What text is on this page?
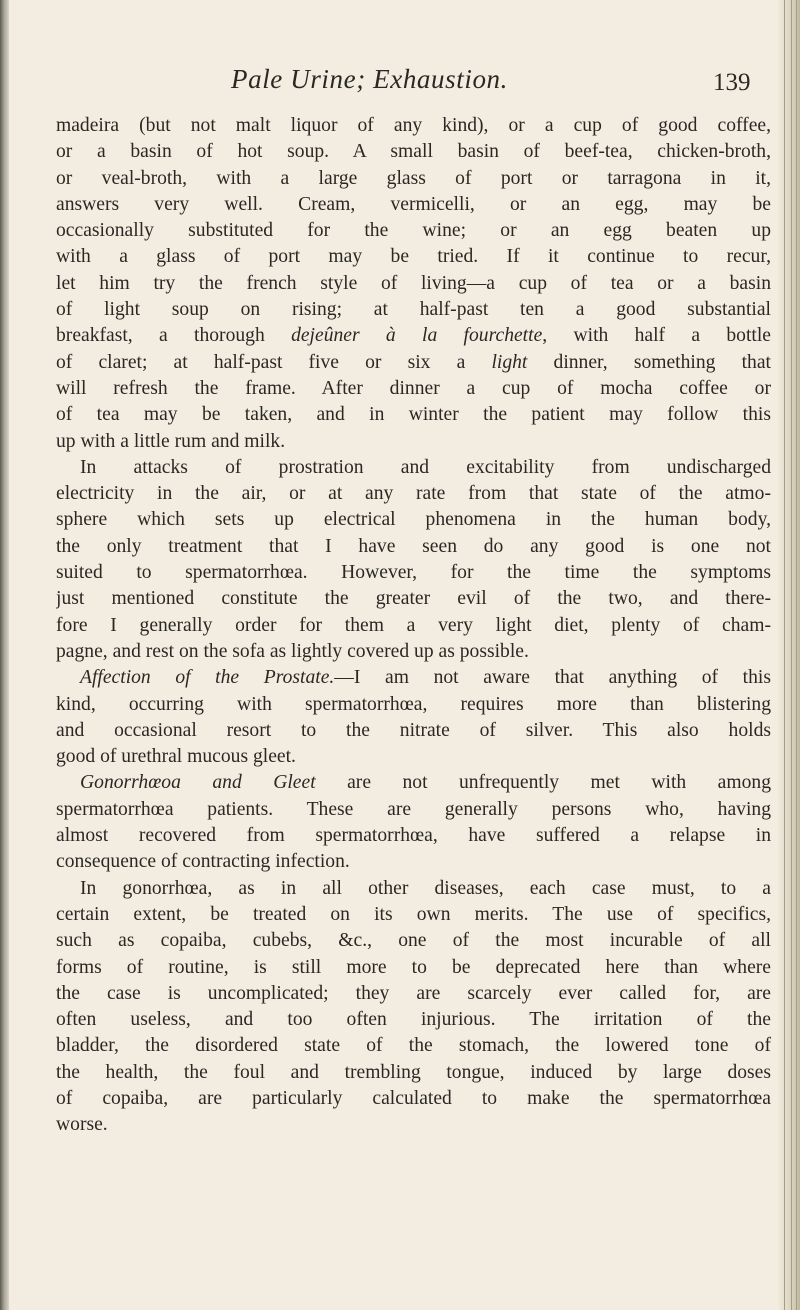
Pale Urine; Exhaustion.	139
madeira (but not malt liquor of any kind), or a cup of good coffee,
or a basin of hot soup. A small basin of beef-tea, chicken-broth,
or veal-broth, with a large glass of port or tarragona in it,
answers very well. Cream, vermicelli, or an egg, may be
occasionally substituted for the wine; or an egg beaten up
with a glass of port may be tried. If it continue to recur,
let him try the french style of living—a cup of tea or a basin
of light soup on rising; at half-past ten a good substantial
breakfast, a thorough dejeûner à la fourchette, with half a bottle
of claret; at half-past five or six a light dinner, something that
will refresh the frame. After dinner a cup of mocha coffee or
of tea may be taken, and in winter the patient may follow this
up with a little rum and milk.
In attacks of prostration and excitability from undischarged
electricity in the air, or at any rate from that state of the atmo-
sphere which sets up electrical phenomena in the human body,
the only treatment that I have seen do any good is one not
suited to spermatorrhœa. However, for the time the symptoms
just mentioned constitute the greater evil of the two, and there-
fore I generally order for them a very light diet, plenty of cham-
pagne, and rest on the sofa as lightly covered up as possible.
Affection of the Prostate.—I am not aware that anything of this
kind, occurring with spermatorrhœa, requires more than blistering
and occasional resort to the nitrate of silver. This also holds
good of urethral mucous gleet.
Gonorrhœoa and Gleet are not unfrequently met with among
spermatorrhœa patients. These are generally persons who, having
almost recovered from spermatorrhœa, have suffered a relapse in
consequence of contracting infection.
In gonorrhœa, as in all other diseases, each case must, to a
certain extent, be treated on its own merits. The use of specifics,
such as copaiba, cubebs, &c., one of the most incurable of all
forms of routine, is still more to be deprecated here than where
the case is uncomplicated; they are scarcely ever called for, are
often useless, and too often injurious. The irritation of the
bladder, the disordered state of the stomach, the lowered tone of
the health, the foul and trembling tongue, induced by large doses
of copaiba, are particularly calculated to make the spermatorrhœa
worse.
